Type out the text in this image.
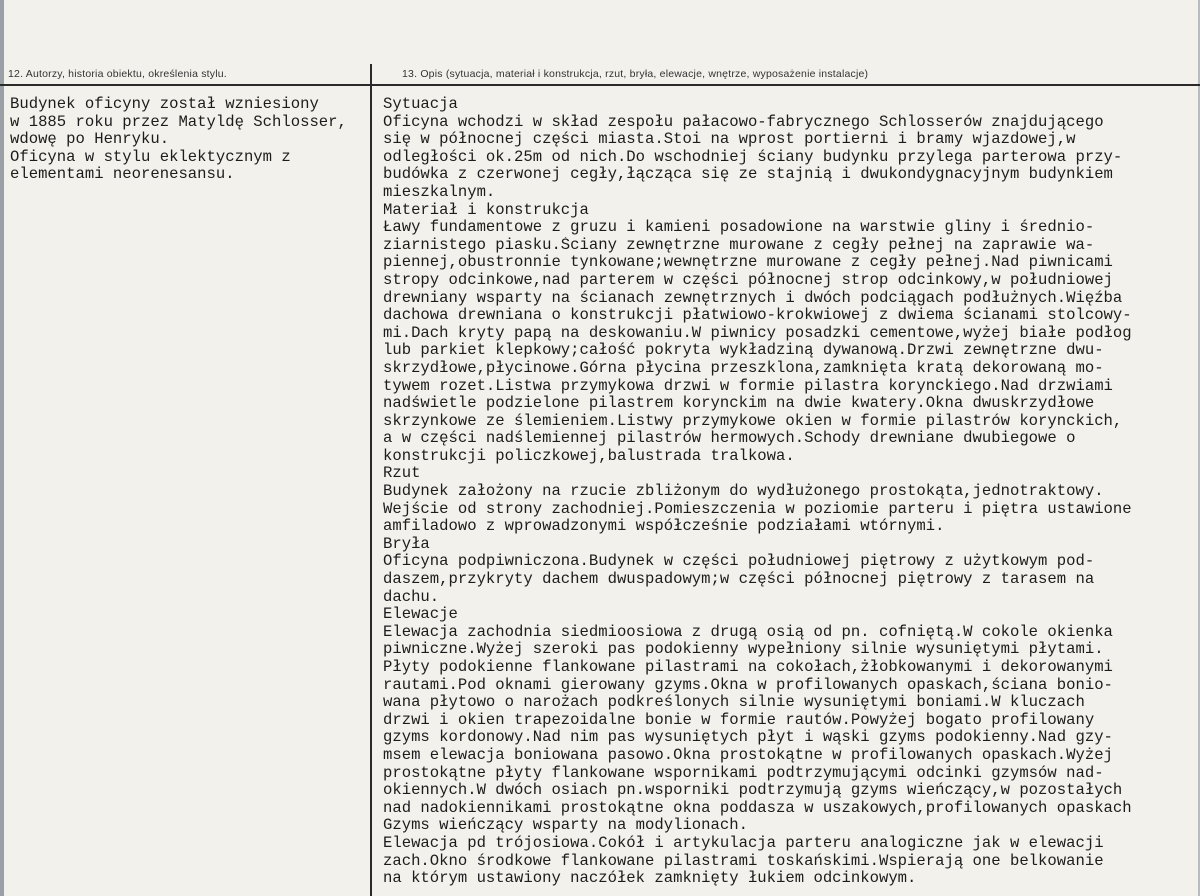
12. Autorzy, historia obiektu, określenia stylu.	13. Opis (sytuacja, materiał i konstrukcja, rzut, bryła, elewacje, wnętrze, wyposażenie instalacje)
Budynek oficyny został wzniesiony
w 1885 roku przez Matyldę Schlosser,
wdowę po Henryku.
Oficyna w stylu eklektycznym z
elementami neorenesansu.
Sytuacja
Oficyna wchodzi w skład zespołu pałacowo-fabrycznego Schlosserów znajdującego
się w północnej części miasta.Stoi na wprost portierni i bramy wjazdowej,w
odległości ok.25m od nich.Do wschodniej ściany budynku przylega parterowa przy-
budówka z czerwonej cegły,łącząca się ze stajnią i dwukondygnacyjnym budynkiem
mieszkalnym.
Materiał i konstrukcja
Ławy fundamentowe z gruzu i kamieni posadowione na warstwie gliny i średnio-
ziarnistego piasku.Ściany zewnętrzne murowane z cegły pełnej na zaprawie wa-
piennej,obustronnie tynkowane;wewnętrzne murowane z cegły pełnej.Nad piwnicami
stropy odcinkowe,nad parterem w części północnej strop odcinkowy,w południowej
drewniany wsparty na ścianach zewnętrznych i dwóch podciągach podłużnych.Więźba
dachowa drewniana o konstrukcji płatwiowo-krokwiowej z dwiema ścianami stolcowy-
mi.Dach kryty papą na deskowaniu.W piwnicy posadzki cementowe,wyżej białe podłog
lub parkiet klepkowy;całość pokryta wykładziną dywanową.Drzwi zewnętrzne dwu-
skrzydłowe,płycinowe.Górna płycina przeszklona,zamknięta kratą dekorowaną mo-
tywem rozet.Listwa przymykowa drzwi w formie pilastra korynckiego.Nad drzwiami
nadświetle podzielone pilastrem korynckim na dwie kwatery.Okna dwuskrzydłowe
skrzynkowe ze ślemieniem.Listwy przymykowe okien w formie pilastrów korynckich,
a w części nadślemiennej pilastrów hermowych.Schody drewniane dwubiegowe o
konstrukcji policzkowej,balustrada tralkowa.
Rzut
Budynek założony na rzucie zbliżonym do wydłużonego prostokąta,jednotraktowy.
Wejście od strony zachodniej.Pomieszczenia w poziomie parteru i piętra ustawione
amfiladowo z wprowadzonymi współcześnie podziałami wtórnymi.
Bryła
Oficyna podpiwniczona.Budynek w części południowej piętrowy z użytkowym pod-
daszem,przykryty dachem dwuspadowym;w części północnej piętrowy z tarasem na
dachu.
Elewacje
Elewacja zachodnia siedmioosiowa z drugą osią od pn. cofniętą.W cokole okienka
piwniczne.Wyżej szeroki pas podokienny wypełniony silnie wysuniętymi płytami.
Płyty podokienne flankowane pilastrami na cokołach,żłobkowanymi i dekorowanymi
rautami.Pod oknami gierowany gzyms.Okna w profilowanych opaskach,ściana bonio-
wana płytowo o narożach podkreślonych silnie wysuniętymi boniami.W kluczach
drzwi i okien trapezoidalne bonie w formie rautów.Powyżej bogato profilowany
gzyms kordonowy.Nad nim pas wysuniętych płyt i wąski gzyms podokienny.Nad gzy-
msem elewacja boniowana pasowo.Okna prostokątne w profilowanych opaskach.Wyżej
prostokątne płyty flankowane wspornikami podtrzymującymi odcinki gzymsów nad-
okiennych.W dwóch osiach pn.wsporniki podtrzymują gzyms wieńczący,w pozostałych
nad nadokiennikami prostokątne okna poddasza w uszakowych,profilowanych opaskach
Gzyms wieńczący wsparty na modylionach.
Elewacja pd trójosiowa.Cokół i artykulacja parteru analogiczne jak w elewacji
zach.Okno środkowe flankowane pilastrami toskańskimi.Wspierają one belkowanie
na którym ustawiony naczółek zamknięty łukiem odcinkowym.
